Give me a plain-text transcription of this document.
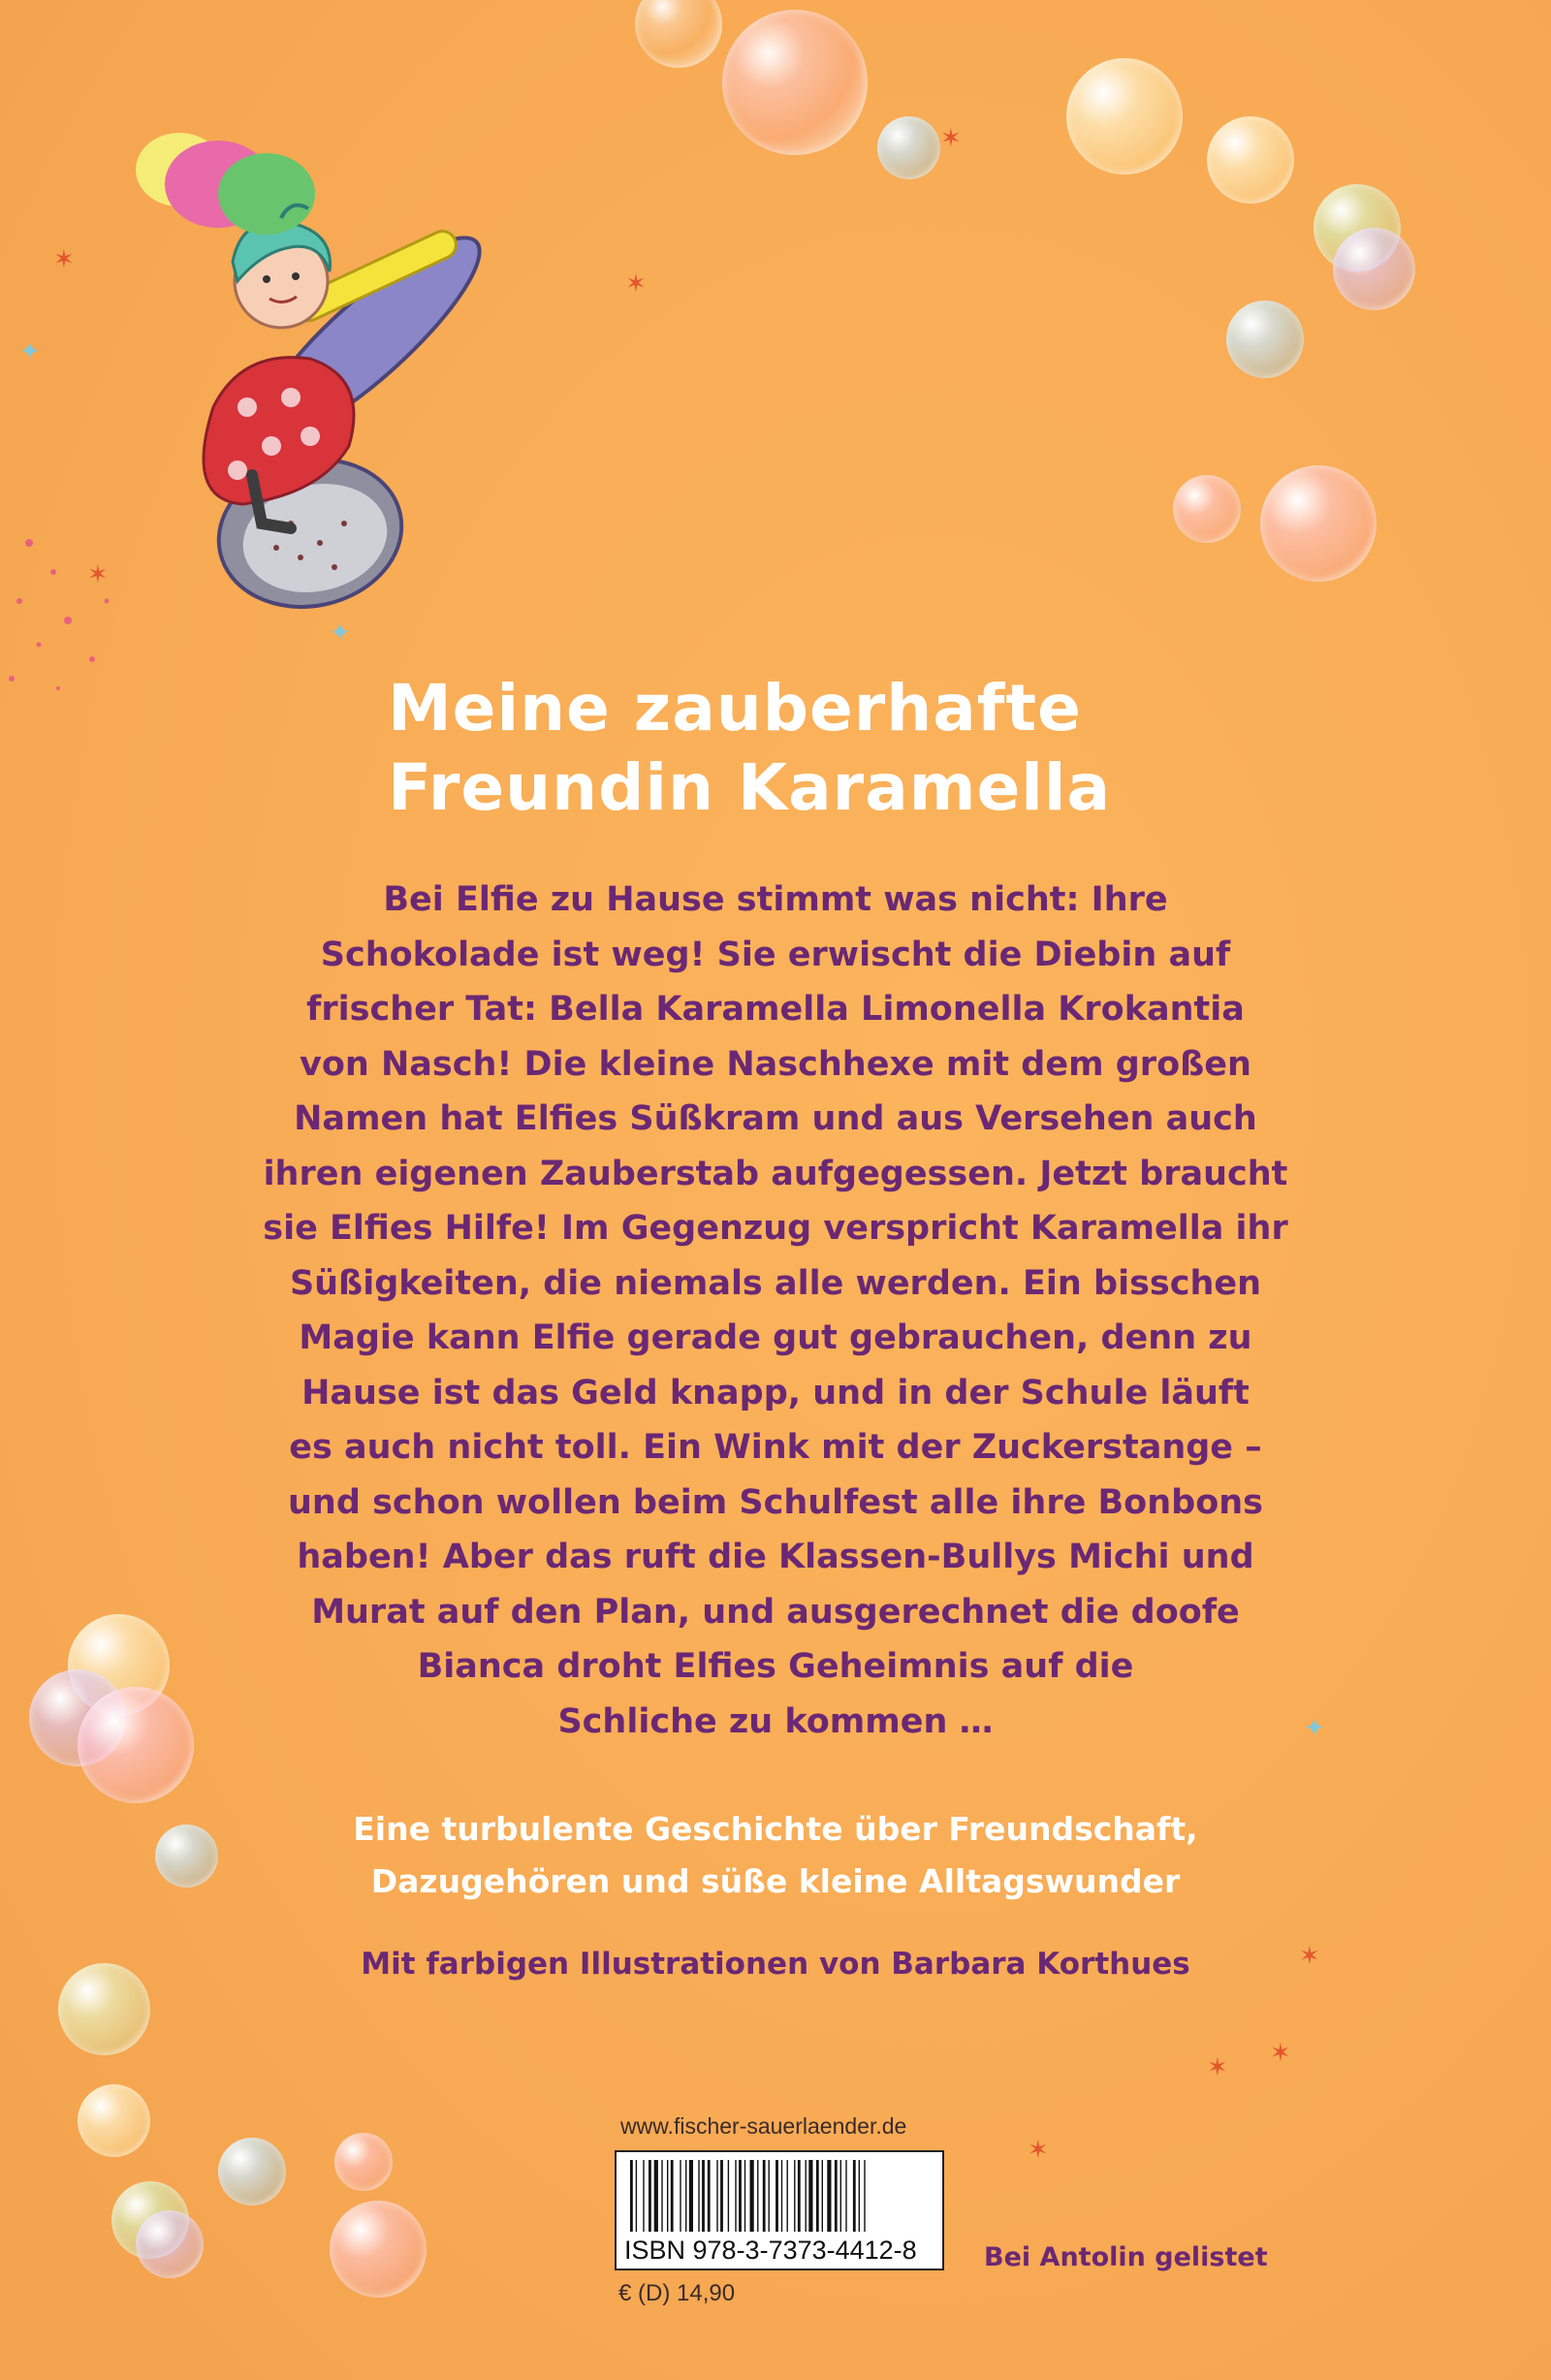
✦
✶
✶
✦
✶
✶
✶
✶ ✶
✶
✦
Meine zauberhafte
Freundin Karamella
Bei Elfie zu Hause stimmt was nicht: Ihre
Schokolade ist weg! Sie erwischt die Diebin auf
frischer Tat: Bella Karamella Limonella Krokantia
von Nasch! Die kleine Naschhexe mit dem großen
Namen hat Elfies Süßkram und aus Versehen auch
ihren eigenen Zauberstab aufgegessen. Jetzt braucht
sie Elfies Hilfe! Im Gegenzug verspricht Karamella ihr
Süßigkeiten, die niemals alle werden. Ein bisschen
Magie kann Elfie gerade gut gebrauchen, denn zu
Hause ist das Geld knapp, und in der Schule läuft
es auch nicht toll. Ein Wink mit der Zuckerstange –
und schon wollen beim Schulfest alle ihre Bonbons
haben! Aber das ruft die Klassen-Bullys Michi und
Murat auf den Plan, und ausgerechnet die doofe
Bianca droht Elfies Geheimnis auf die
Schliche zu kommen …
Eine turbulente Geschichte über Freundschaft,
Dazugehören und süße kleine Alltagswunder
Mit farbigen Illustrationen von Barbara Korthues
www.fischer-sauerlaender.de
ISBN 978-3-7373-4412-8
€ (D) 14,90
Bei Antolin gelistet
